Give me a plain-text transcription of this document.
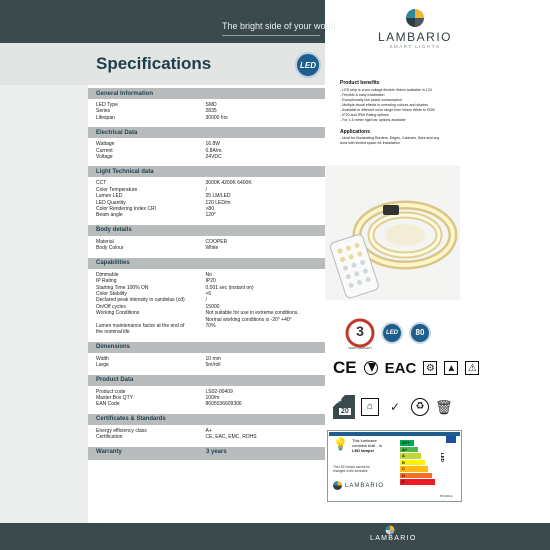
The bright side of your world
LAMBARIO
SMART LIGHTS
Specifications	LED
General Information
LED Type	SMD
Series	2835
Lifespan	30000 hrs
Electrical Data
Wattage	16.8W
Current	0.8A/m.
Voltage	24VDC
Light Technical data
CCT	3000K 4200K 6400K
Color Temperature	/
Lumen LED	25 LM/LED
LED Quantity	120 LED/m
Color Rendering Index CRI	>80
Beam angle	120°
Body details
Material	COOPER
Body Colour	White
Capabilities
Dimmable	No
IP Rating	IP20
Starting Time 100% ON	0.001 sec (instant on)
Color Stability	<6
Declared peak intensity in candelas (cd)	/
On/Off cycles	15000
Working Conditions	Not suitable for use in extreme conditions.
Normal working conditions is -20° +40°
Lumen maintenance factor at the end of	70%
the nominal life
Dimensions
Width	10 mm
Large	5m/roll
Product Data
Product code	LS02-00409
Master Box QTY	100/m
EAN Code	8605036609306
Certificates & Standards
Energy efficiency class	A+
Certification	CE, EAC, EMC, ROHS
Warranty	3 years
Product benefits
- LED strip is a low voltage flexible ribbon available in 12V
- Flexible & easy installation
- Exceptionally low power consumption
- Multiple visual effects in unending colours and shades
- Available in different color range from Warm White to RGB
- IP20 and IP65 Rating options
- For 1.5 meter rigid bar options available
Applications
- Ideal for illuminating Borders, Edges, Cabinets, Bars and any
area with limited space for installation
3
YEARS WARRANTY
LED	80
CE EAC ⚙ ▲ ⚠
IP
20	⌂	✓	♻ 🗑
💡 This luminaire
contains built - in
LED lamps!
A++
A+
A
B
C
D
E
LED
The LED lamps cannot be
changed in the luminaire
LAMBARIO
874/2012
LAMBARIO
